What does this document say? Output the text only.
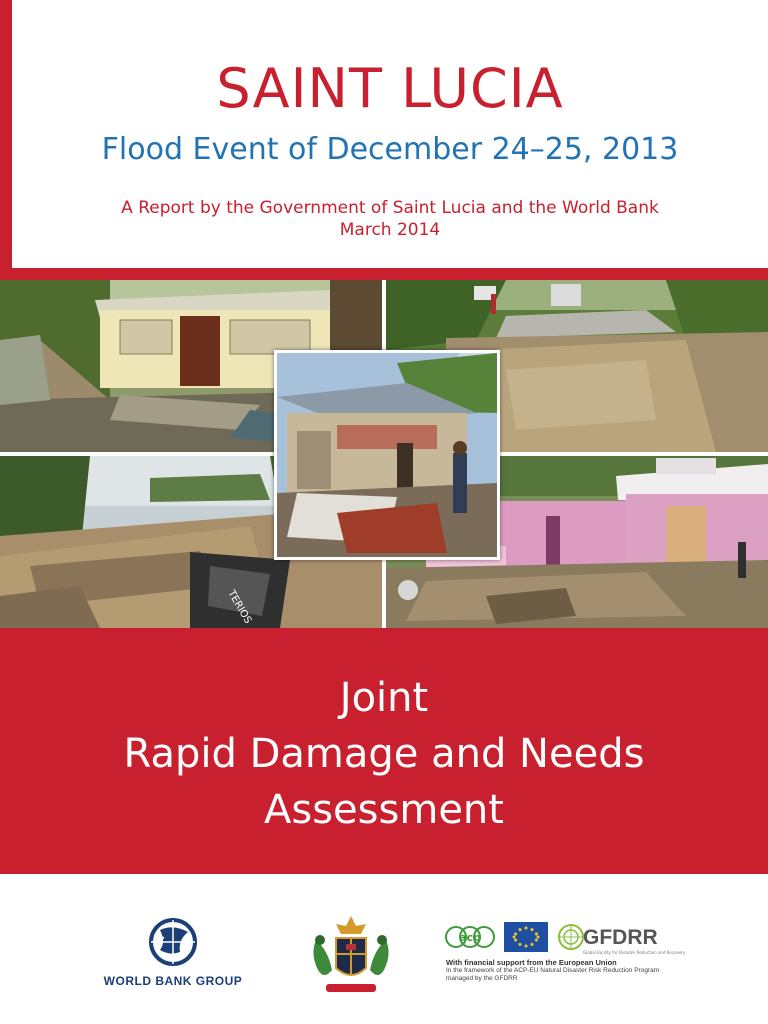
SAINT LUCIA
Flood Event of December 24–25, 2013
A Report by the Government of Saint Lucia and the World Bank
March 2014
TERIOS
Joint
Rapid Damage and Needs
Assessment
WORLD BANK GROUP
acp	GFDRR
Global Facility for Disaster Reduction and Recovery
With financial support from the European Union
In the framework of the ACP-EU Natural Disaster Risk Reduction Program
managed by the GFDRR
